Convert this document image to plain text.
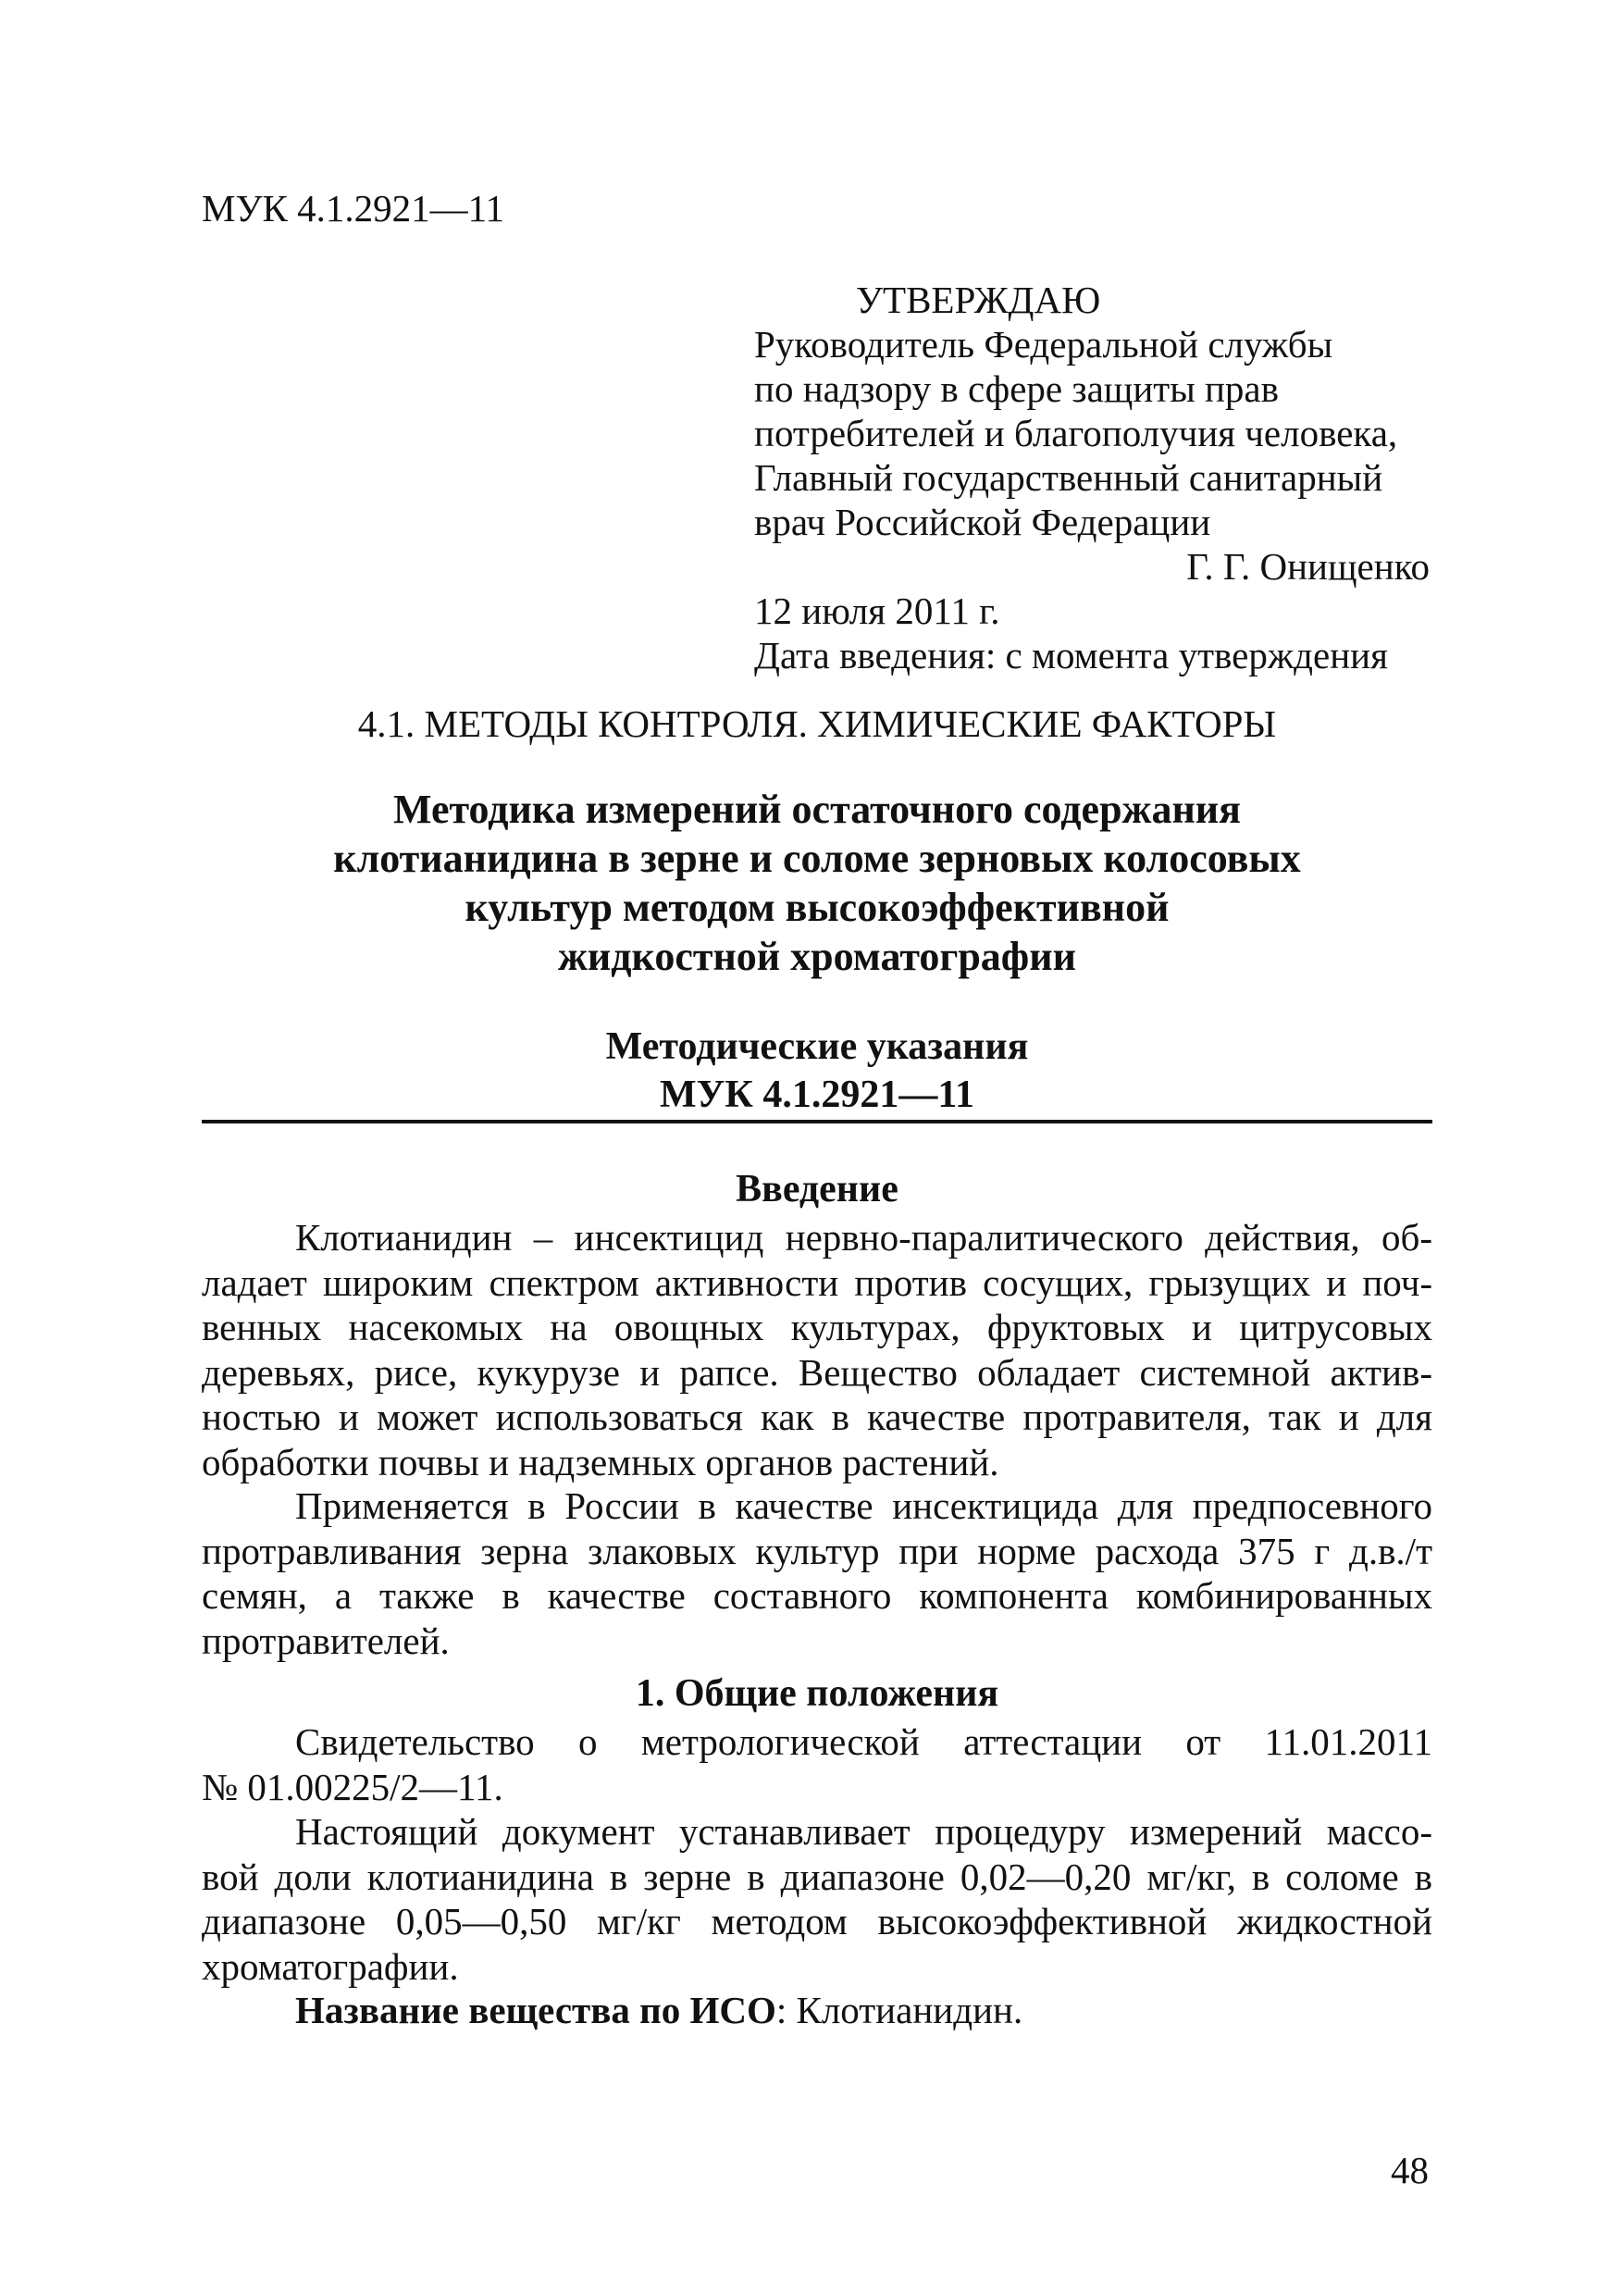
МУК 4.1.2921—11
УТВЕРЖДАЮ
Руководитель Федеральной службы
по надзору в сфере защиты прав
потребителей и благополучия человека,
Главный государственный санитарный
врач Российской Федерации
Г. Г. Онищенко
12 июля 2011 г.
Дата введения: с момента утверждения
4.1. МЕТОДЫ КОНТРОЛЯ. ХИМИЧЕСКИЕ ФАКТОРЫ
Методика измерений остаточного содержания
клотианидина в зерне и соломе зерновых колосовых
культур методом высокоэффективной
жидкостной хроматографии
Методические указания
МУК 4.1.2921—11
Введение
Клотианидин – инсектицид нервно-паралитического действия, об-
ладает широким спектром активности против сосущих, грызущих и поч-
венных насекомых на овощных культурах, фруктовых и цитрусовых
деревьях, рисе, кукурузе и рапсе. Вещество обладает системной актив-
ностью и может использоваться как в качестве протравителя, так и для
обработки почвы и надземных органов растений.
Применяется в России в качестве инсектицида для предпосевного
протравливания зерна злаковых культур при норме расхода 375 г д.в./т
семян, а также в качестве составного компонента комбинированных
протравителей.
1. Общие положения
Свидетельство о метрологической аттестации от 11.01.2011
№ 01.00225/2—11.
Настоящий документ устанавливает процедуру измерений массо-
вой доли клотианидина в зерне в диапазоне 0,02—0,20 мг/кг, в соломе в
диапазоне 0,05—0,50 мг/кг методом высокоэффективной жидкостной
хроматографии.
Название вещества по ИСО: Клотианидин.
48
